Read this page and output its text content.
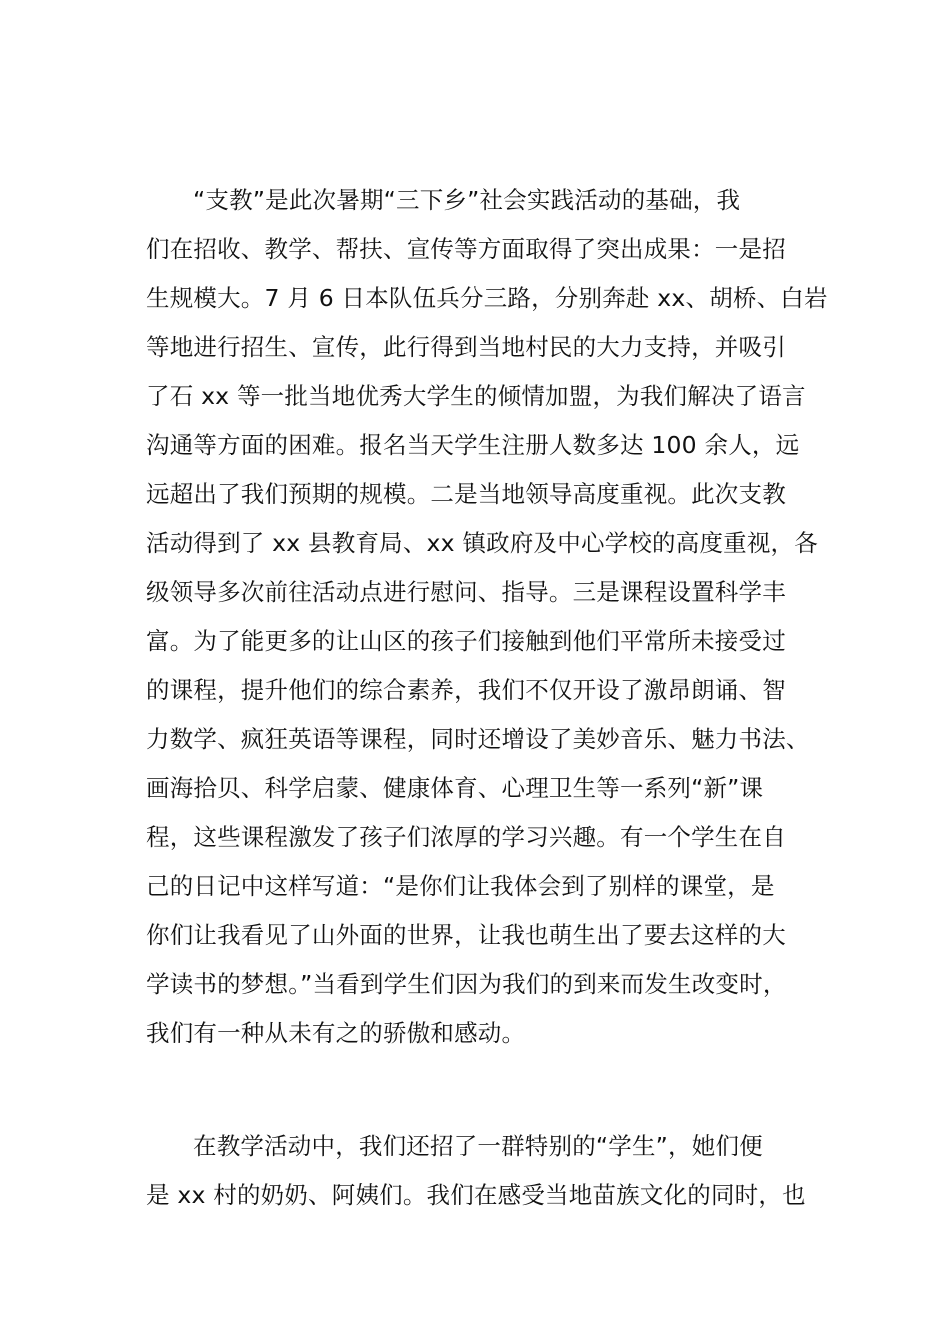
“支教”是此次暑期“三下乡”社会实践活动的基础，我
们在招收、教学、帮扶、宣传等方面取得了突出成果：一是招
生规模大。7 月 6 日本队伍兵分三路，分别奔赴 xx、胡桥、白岩
等地进行招生、宣传，此行得到当地村民的大力支持，并吸引
了石 xx 等一批当地优秀大学生的倾情加盟，为我们解决了语言
沟通等方面的困难。报名当天学生注册人数多达 100 余人，远
远超出了我们预期的规模。二是当地领导高度重视。此次支教
活动得到了 xx 县教育局、xx 镇政府及中心学校的高度重视，各
级领导多次前往活动点进行慰问、指导。三是课程设置科学丰
富。为了能更多的让山区的孩子们接触到他们平常所未接受过
的课程，提升他们的综合素养，我们不仅开设了激昂朗诵、智
力数学、疯狂英语等课程，同时还增设了美妙音乐、魅力书法、
画海拾贝、科学启蒙、健康体育、心理卫生等一系列“新”课
程，这些课程激发了孩子们浓厚的学习兴趣。有一个学生在自
己的日记中这样写道：“是你们让我体会到了别样的课堂，是
你们让我看见了山外面的世界，让我也萌生出了要去这样的大
学读书的梦想。”当看到学生们因为我们的到来而发生改变时，
我们有一种从未有之的骄傲和感动。
在教学活动中，我们还招了一群特别的“学生”，她们便
是 xx 村的奶奶、阿姨们。我们在感受当地苗族文化的同时，也
